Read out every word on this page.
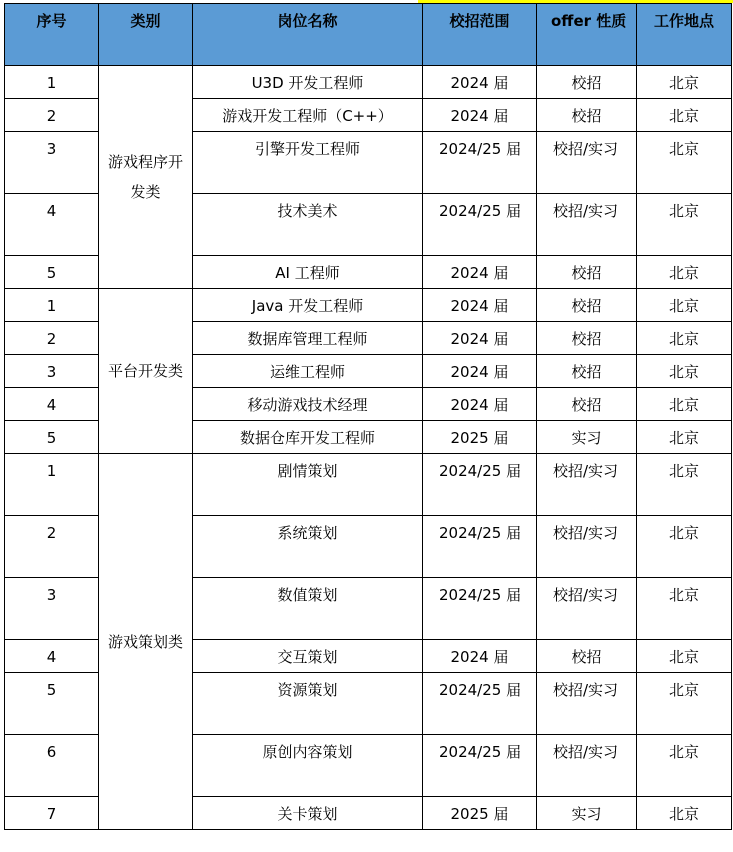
序号	类别	岗位名称	校招范围	offer 性质	工作地点
1	游戏程序开发类	U3D 开发工程师	2024 届	校招	北京
2		游戏开发工程师（C++）	2024 届	校招	北京
3		引擎开发工程师	2024/25 届	校招/实习	北京
4		技术美术	2024/25 届	校招/实习	北京
5		AI 工程师	2024 届	校招	北京
1	平台开发类	Java 开发工程师	2024 届	校招	北京
2		数据库管理工程师	2024 届	校招	北京
3		运维工程师	2024 届	校招	北京
4		移动游戏技术经理	2024 届	校招	北京
5		数据仓库开发工程师	2025 届	实习	北京
1	游戏策划类	剧情策划	2024/25 届	校招/实习	北京
2		系统策划	2024/25 届	校招/实习	北京
3		数值策划	2024/25 届	校招/实习	北京
4		交互策划	2024 届	校招	北京
5		资源策划	2024/25 届	校招/实习	北京
6		原创内容策划	2024/25 届	校招/实习	北京
7		关卡策划	2025 届	实习	北京
